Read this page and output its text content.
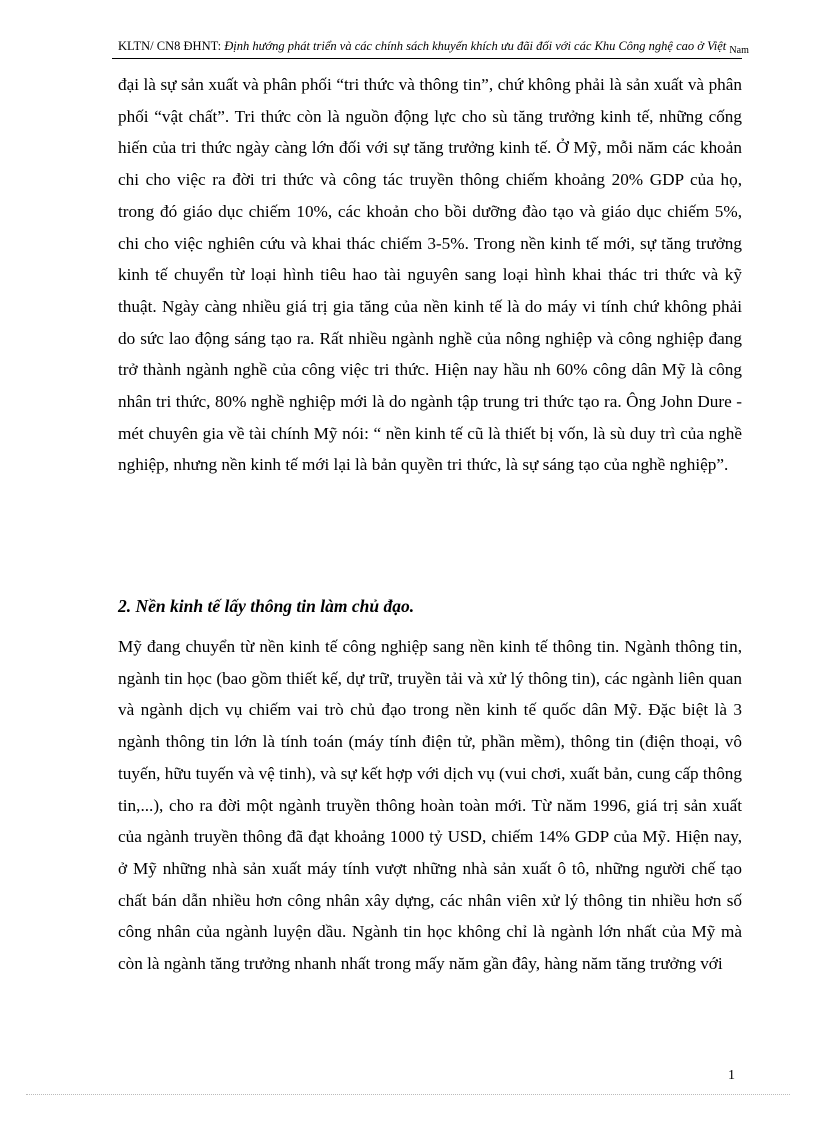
KLTN/ CN8 ĐHNT: Định hướng phát triển và các chính sách khuyến khích ưu đãi đối với các Khu Công nghệ cao ở Việt $_{Nam}$
đại là sự sản xuất và phân phối “tri thức và thông tin”, chứ không phải là sản xuất và phân phối “vật chất”. Tri thức còn là nguồn động lực cho sù tăng trưởng kinh tế, những cống hiến của tri thức ngày càng lớn đối với sự tăng trưởng kinh tế. Ở Mỹ, mỗi năm các khoản chi cho việc ra đời tri thức và công tác truyền thông chiếm khoảng 20% GDP của họ, trong đó giáo dục chiếm 10%, các khoản cho bồi dưỡng đào tạo và giáo dục chiếm 5%, chi cho việc nghiên cứu và khai thác chiếm 3-5%. Trong nền kinh tế mới, sự tăng trưởng kinh tế chuyển từ loại hình tiêu hao tài nguyên sang loại hình khai thác tri thức và kỹ thuật. Ngày càng nhiều giá trị gia tăng của nền kinh tế là do máy vi tính chứ không phải do sức lao động sáng tạo ra. Rất nhiều ngành nghề của nông nghiệp và công nghiệp đang trở thành ngành nghề của công việc tri thức. Hiện nay hầu nh 60% công dân Mỹ là công nhân tri thức, 80% nghề nghiệp mới là do ngành tập trung tri thức tạo ra. Ông John Dure - mét chuyên gia về tài chính Mỹ nói: “ nền kinh tế cũ là thiết bị vốn, là sù duy trì của nghề nghiệp, nhưng nền kinh tế mới lại là bản quyền tri thức, là sự sáng tạo của nghề nghiệp”.
2. Nền kinh tế lấy thông tin làm chủ đạo.
Mỹ đang chuyển từ nền kinh tế công nghiệp sang nền kinh tế thông tin. Ngành thông tin, ngành tin học (bao gồm thiết kế, dự trữ, truyền tải và xử lý thông tin), các ngành liên quan và ngành dịch vụ chiếm vai trò chủ đạo trong nền kinh tế quốc dân Mỹ. Đặc biệt là 3 ngành thông tin lớn là tính toán (máy tính điện tử, phần mềm), thông tin (điện thoại, vô tuyến, hữu tuyến và vệ tinh), và sự kết hợp với dịch vụ (vui chơi, xuất bản, cung cấp thông tin,...), cho ra đời một ngành truyền thông hoàn toàn mới. Từ năm 1996, giá trị sản xuất của ngành truyền thông đã đạt khoảng 1000 tỷ USD, chiếm 14% GDP của Mỹ. Hiện nay, ở Mỹ những nhà sản xuất máy tính vượt những nhà sản xuất ô tô, những người chế tạo chất bán dẫn nhiều hơn công nhân xây dựng, các nhân viên xử lý thông tin nhiều hơn số công nhân của ngành luyện dầu. Ngành tin học không chỉ là ngành lớn nhất của Mỹ mà còn là ngành tăng trưởng nhanh nhất trong mấy năm gần đây, hàng năm tăng trưởng với
1
